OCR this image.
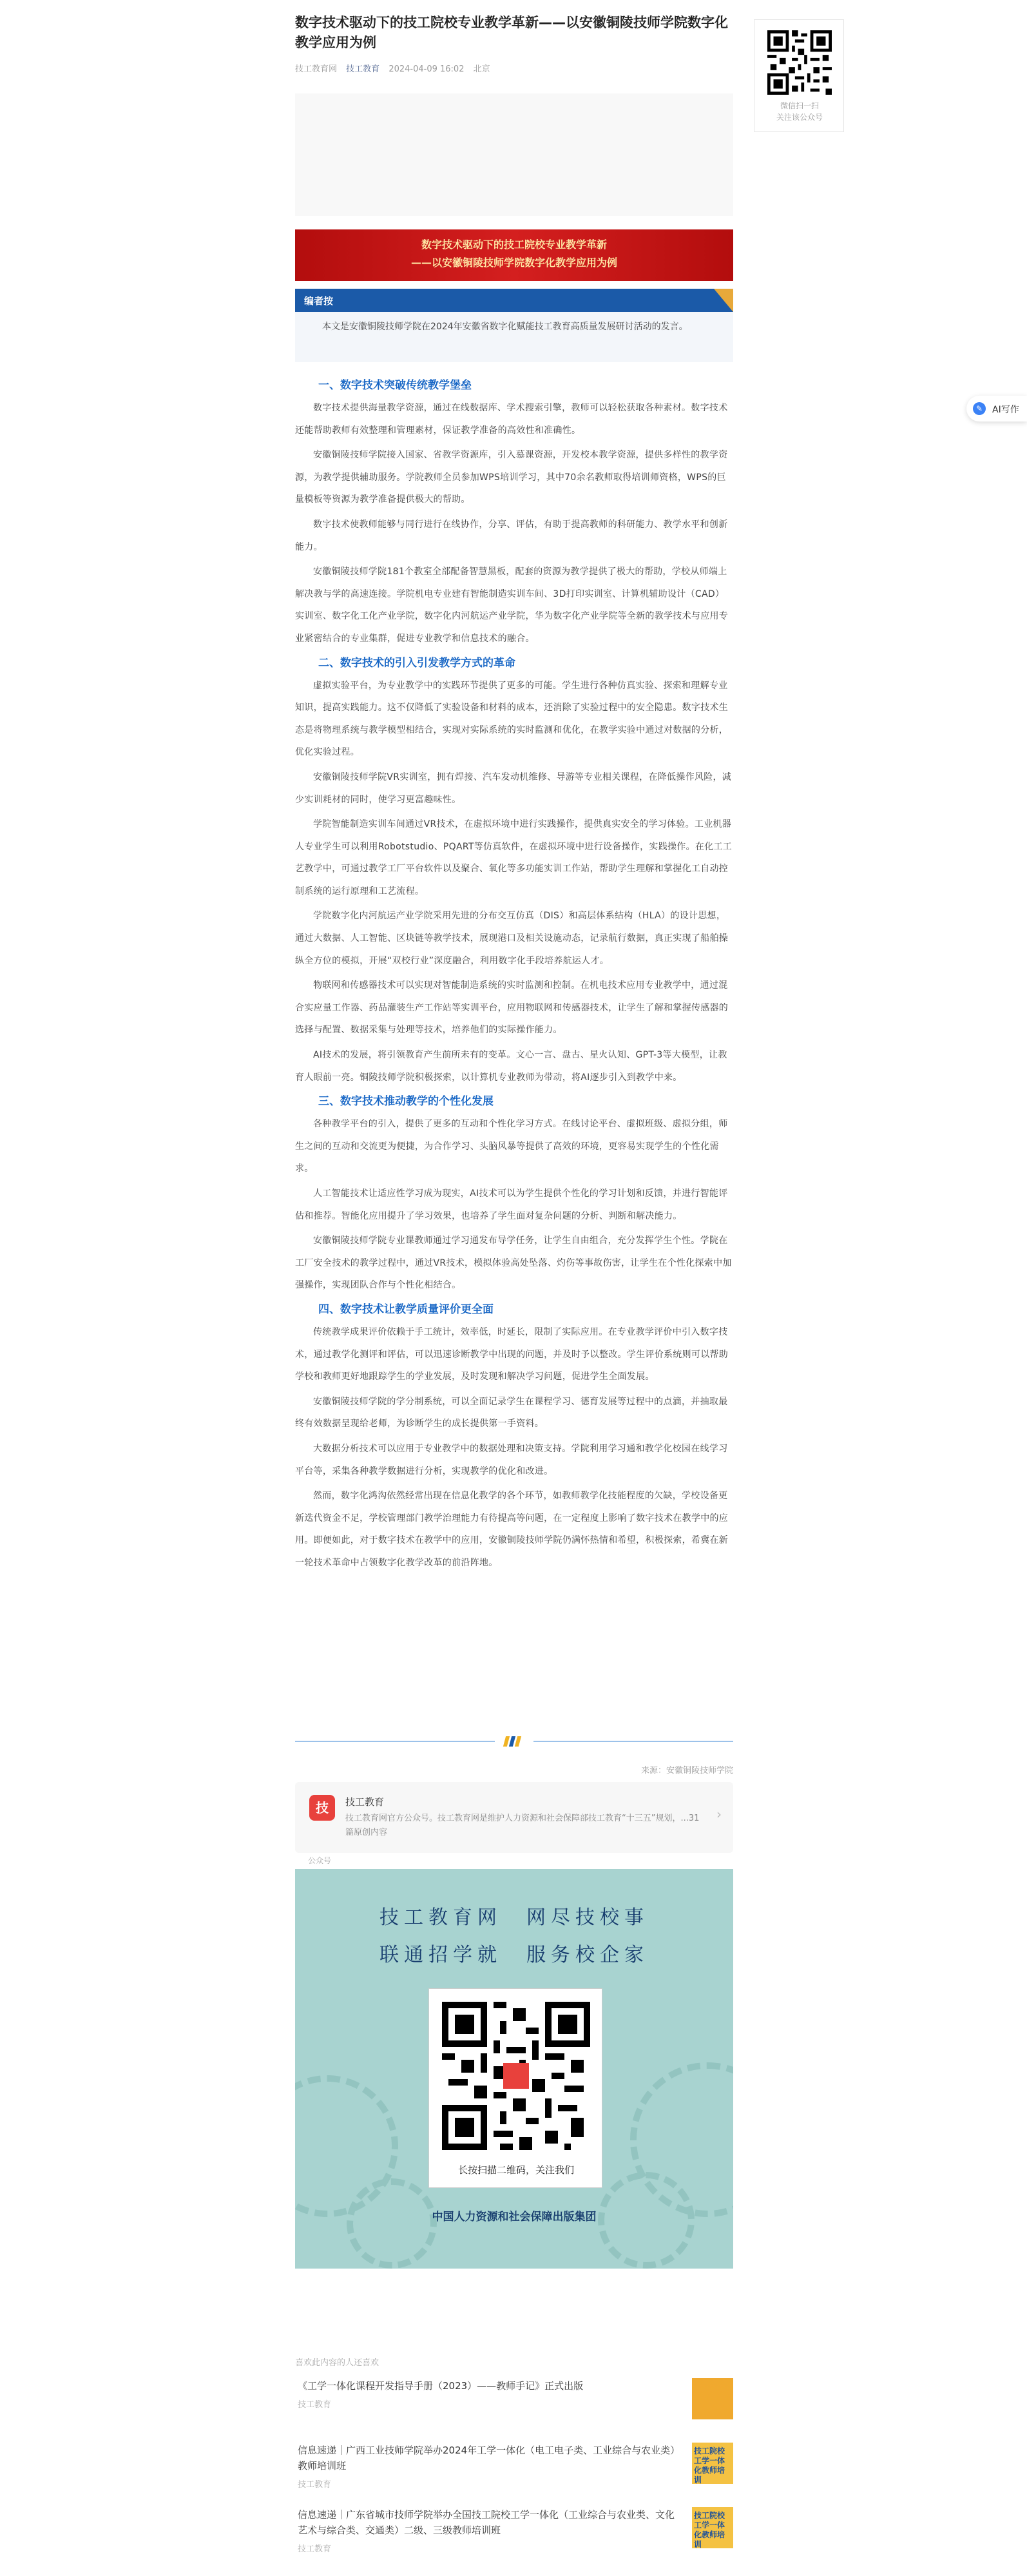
数字技术驱动下的技工院校专业教学革新——以安徽铜陵技师学院数字化教学应用为例
技工教育网 技工教育 2024-04-09 16:02 北京
数字技术驱动下的技工院校专业教学革新
——以安徽铜陵技师学院数字化教学应用为例
编者按
本文是安徽铜陵技师学院在2024年安徽省数字化赋能技工教育高质量发展研讨活动的发言。
一、数字技术突破传统教学堡垒

数字技术提供海量教学资源，通过在线数据库、学术搜索引擎，教师可以轻松获取各种素材。数字技术还能帮助教师有效整理和管理素材，保证教学准备的高效性和准确性。

安徽铜陵技师学院接入国家、省教学资源库，引入慕课资源，开发校本教学资源，提供多样性的教学资源，为教学提供辅助服务。学院教师全员参加WPS培训学习，其中70余名教师取得培训师资格，WPS的巨量模板等资源为教学准备提供极大的帮助。

数字技术使教师能够与同行进行在线协作，分享、评估，有助于提高教师的科研能力、教学水平和创新能力。

安徽铜陵技师学院181个教室全部配备智慧黑板，配套的资源为教学提供了极大的帮助，学校从师端上解决教与学的高速连接。学院机电专业建有智能制造实训车间、3D打印实训室、计算机辅助设计（CAD）实训室、数字化工化产业学院，数字化内河航运产业学院，华为数字化产业学院等全新的教学技术与应用专业紧密结合的专业集群，促进专业教学和信息技术的融合。

二、数字技术的引入引发教学方式的革命

虚拟实验平台，为专业教学中的实践环节提供了更多的可能。学生进行各种仿真实验、探索和理解专业知识，提高实践能力。这不仅降低了实验设备和材料的成本，还消除了实验过程中的安全隐患。数字技术生态是将物理系统与教学模型相结合，实现对实际系统的实时监测和优化，在教学实验中通过对数据的分析，优化实验过程。

安徽铜陵技师学院VR实训室，拥有焊接、汽车发动机维修、导游等专业相关课程，在降低操作风险，减少实训耗材的同时，使学习更富趣味性。

学院智能制造实训车间通过VR技术，在虚拟环境中进行实践操作，提供真实安全的学习体验。工业机器人专业学生可以利用Robotstudio、PQART等仿真软件，在虚拟环境中进行设备操作，实践操作。在化工工艺教学中，可通过教学工厂平台软件以及聚合、氧化等多功能实训工作站，帮助学生理解和掌握化工自动控制系统的运行原理和工艺流程。

学院数字化内河航运产业学院采用先进的分布交互仿真（DIS）和高层体系结构（HLA）的设计思想，通过大数据、人工智能、区块链等教学技术，展现港口及相关设施动态，记录航行数据，真正实现了船舶操纵全方位的模拟，开展“双校行业”深度融合，利用数字化手段培养航运人才。

物联网和传感器技术可以实现对智能制造系统的实时监测和控制。在机电技术应用专业教学中，通过混合实应量工作器、药品灌装生产工作站等实训平台，应用物联网和传感器技术，让学生了解和掌握传感器的选择与配置、数据采集与处理等技术，培养他们的实际操作能力。

AI技术的发展，将引领教育产生前所未有的变革。文心一言、盘古、星火认知、GPT-3等大模型，让教育人眼前一亮。铜陵技师学院积极探索，以计算机专业教师为带动，将AI逐步引入到教学中来。

三、数字技术推动教学的个性化发展

各种教学平台的引入，提供了更多的互动和个性化学习方式。在线讨论平台、虚拟班级、虚拟分组，师生之间的互动和交流更为便捷，为合作学习、头脑风暴等提供了高效的环境，更容易实现学生的个性化需求。

人工智能技术让适应性学习成为现实，AI技术可以为学生提供个性化的学习计划和反馈，并进行智能评估和推荐。智能化应用提升了学习效果，也培养了学生面对复杂问题的分析、判断和解决能力。

安徽铜陵技师学院专业课教师通过学习通发布导学任务，让学生自由组合，充分发挥学生个性。学院在工厂安全技术的教学过程中，通过VR技术，模拟体验高处坠落、灼伤等事故伤害，让学生在个性化探索中加强操作，实现团队合作与个性化相结合。

四、数字技术让教学质量评价更全面

传统教学成果评价依赖于手工统计，效率低，时延长，限制了实际应用。在专业教学评价中引入数字技术，通过教学化测评和评估，可以迅速诊断教学中出现的问题，并及时予以整改。学生评价系统则可以帮助学校和教师更好地跟踪学生的学业发展，及时发现和解决学习问题，促进学生全面发展。

安徽铜陵技师学院的学分制系统，可以全面记录学生在课程学习、德育发展等过程中的点滴，并抽取最终有效数据呈现给老师，为诊断学生的成长提供第一手资料。

大数据分析技术可以应用于专业教学中的数据处理和决策支持。学院利用学习通和教学化校园在线学习平台等，采集各种教学数据进行分析，实现教学的优化和改进。

然而，数字化鸿沟依然经常出现在信息化教学的各个环节，如教师教学化技能程度的欠缺，学校设备更新迭代资金不足，学校管理部门教学治理能力有待提高等问题，在一定程度上影响了数字技术在教学中的应用。即便如此，对于数字技术在教学中的应用，安徽铜陵技师学院仍满怀热情和希望，积极探索，希冀在新一轮技术革命中占领数字化教学改革的前沿阵地。

来源：安徽铜陵技师学院
技	技工教育
技工教育网官方公众号。技工教育网是维护人力资源和社会保障部技工教育“十三五”规划，...31篇原创内容
›
公众号
技工教育网　网尽技校事
联通招学就　服务校企家
长按扫描二维码，关注我们
中国人力资源和社会保障出版集团
微信扫一扫
关注该公众号
✎	AI写作
喜欢此内容的人还喜欢
《工学一体化课程开发指导手册（2023）——教师手记》正式出版
技工教育
信息速递｜广西工业技师学院举办2024年工学一体化（电工电子类、工业综合与农业类）教师培训班
技工教育
技工院校工学一体化教师培训
信息速递｜广东省城市技师学院举办全国技工院校工学一体化（工业综合与农业类、文化艺术与综合类、交通类）二级、三级教师培训班
技工教育
技工院校工学一体化教师培训
